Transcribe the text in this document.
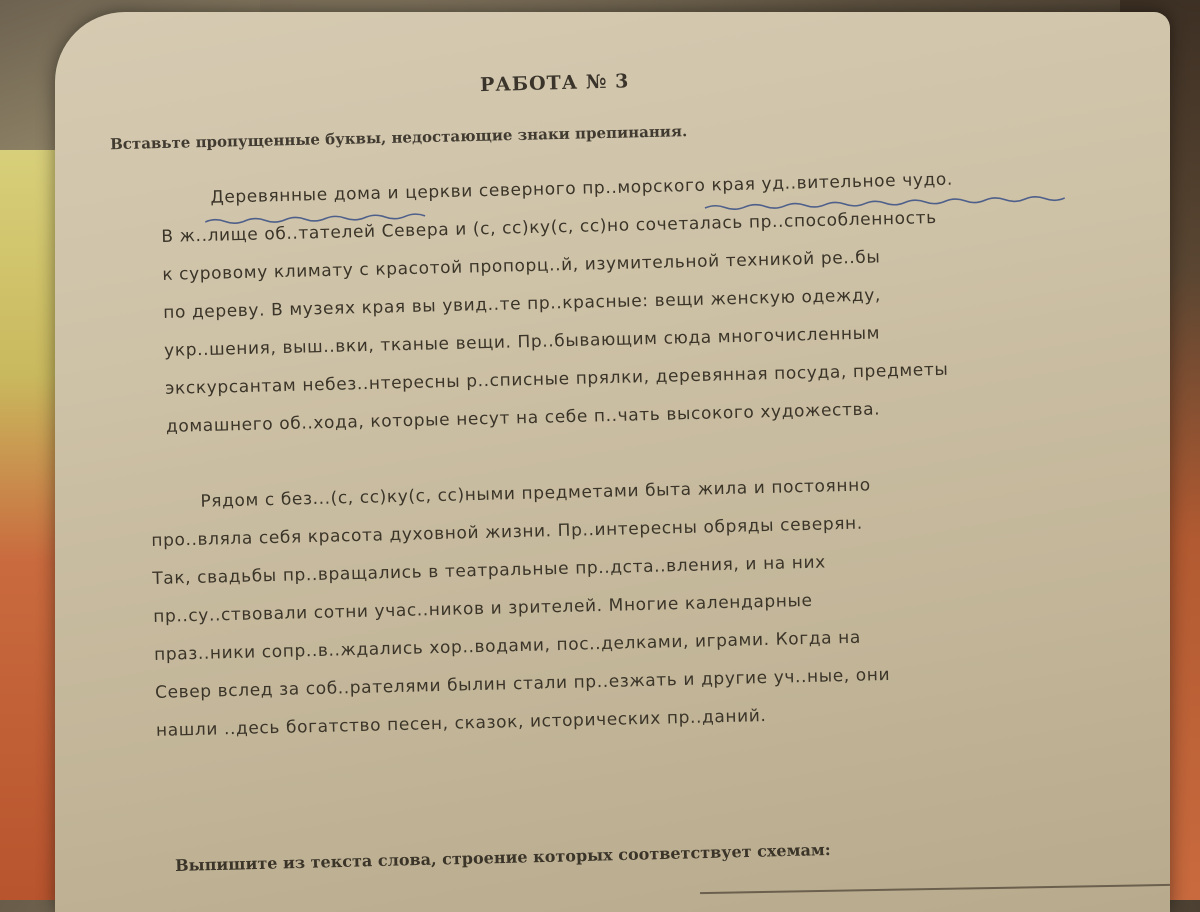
РАБОТА № 3
Вставьте пропущенные буквы, недостающие знаки препинания.
Деревянные дома и церкви северного пр..морского края уд..вительное чудо.
В ж..лище об..тателей Севера и (с, сс)ку(с, сс)но сочеталась пр..способленность
к суровому климату с красотой пропорц..й, изумительной техникой ре..бы
по дереву. В музеях края вы увид..те пр..красные: вещи женскую одежду,
укр..шения, выш..вки, тканые вещи. Пр..бывающим сюда многочисленным
экскурсантам небез..нтересны р..списные прялки, деревянная посуда, предметы
домашнего об..хода, которые несут на себе п..чать высокого художества.
Рядом с без...(с, сс)ку(с, сс)ными предметами быта жила и постоянно
про..вляла себя красота духовной жизни. Пр..интересны обряды северян.
Так, свадьбы пр..вращались в театральные пр..дста..вления, и на них
пр..су..ствовали сотни учас..ников и зрителей. Многие календарные
праз..ники сопр..в..ждались хор..водами, пос..делками, играми. Когда на
Север вслед за соб..рателями былин стали пр..езжать и другие уч..ные, они
нашли ..десь богатство песен, сказок, исторических пр..даний.
Выпишите из текста слова, строение которых соответствует схемам:
